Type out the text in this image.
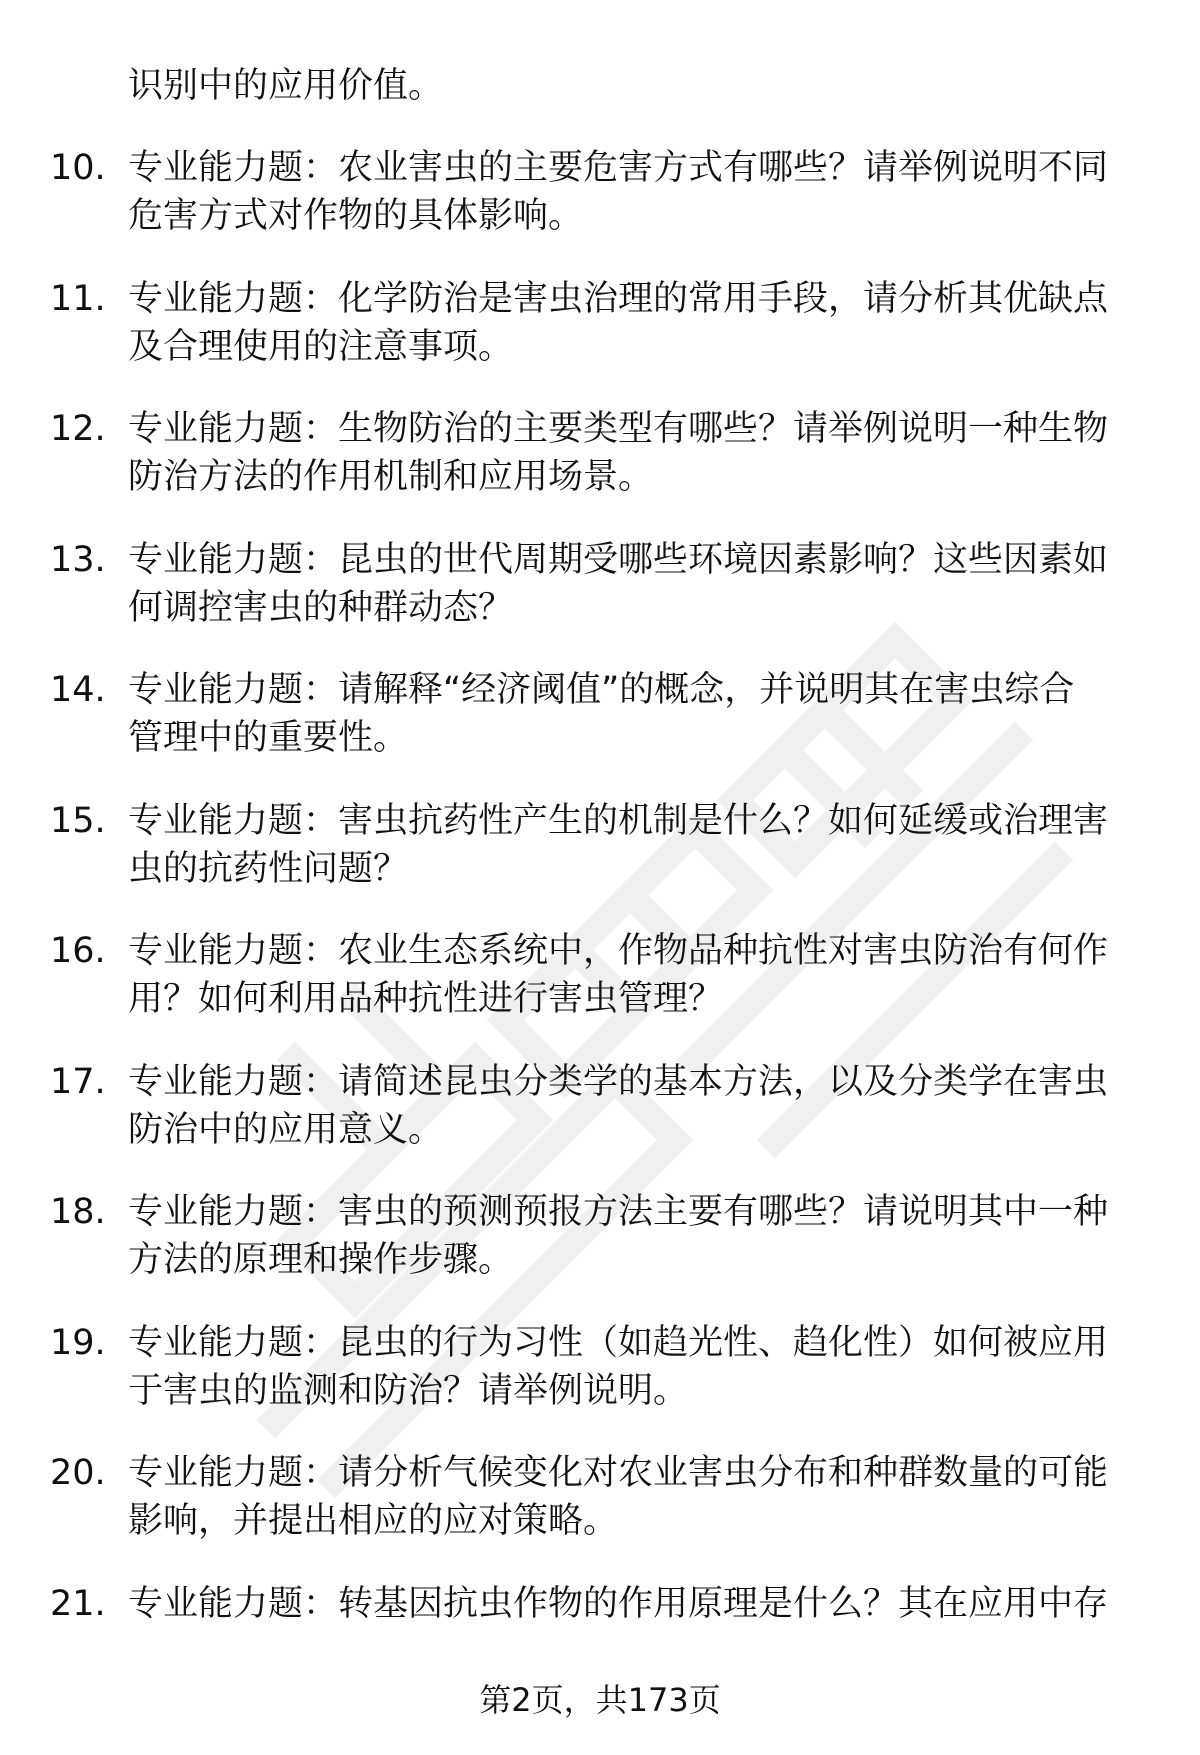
识别中的应用价值。
10. 专业能力题：农业害虫的主要危害方式有哪些？请举例说明不同
危害方式对作物的具体影响。
11. 专业能力题：化学防治是害虫治理的常用手段，请分析其优缺点
及合理使用的注意事项。
12. 专业能力题：生物防治的主要类型有哪些？请举例说明一种生物
防治方法的作用机制和应用场景。
13. 专业能力题：昆虫的世代周期受哪些环境因素影响？这些因素如
何调控害虫的种群动态？
14. 专业能力题：请解释“经济阈值”的概念，并说明其在害虫综合
管理中的重要性。
15. 专业能力题：害虫抗药性产生的机制是什么？如何延缓或治理害
虫的抗药性问题？
16. 专业能力题：农业生态系统中，作物品种抗性对害虫防治有何作
用？如何利用品种抗性进行害虫管理？
17. 专业能力题：请简述昆虫分类学的基本方法，以及分类学在害虫
防治中的应用意义。
18. 专业能力题：害虫的预测预报方法主要有哪些？请说明其中一种
方法的原理和操作步骤。
19. 专业能力题：昆虫的行为习性（如趋光性、趋化性）如何被应用
于害虫的监测和防治？请举例说明。
20. 专业能力题：请分析气候变化对农业害虫分布和种群数量的可能
影响，并提出相应的应对策略。
21. 专业能力题：转基因抗虫作物的作用原理是什么？其在应用中存
第2页，共173页
